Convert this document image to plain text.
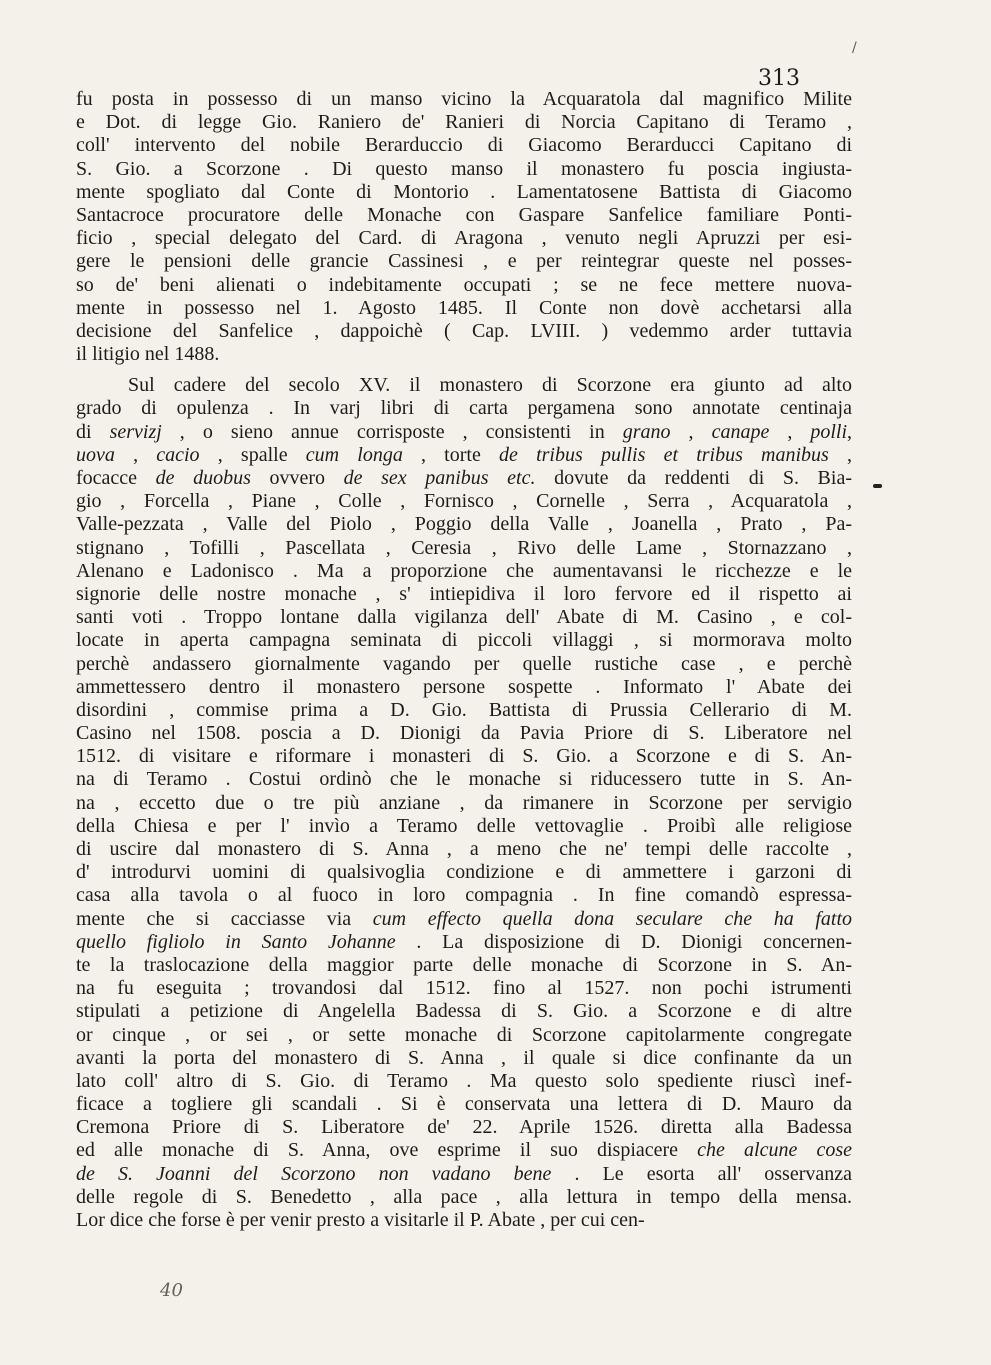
/
313
fu posta in possesso di un manso vicino la Acquaratola dal magnifico Milite
e Dot. di legge Gio. Raniero de' Ranieri di Norcia Capitano di Teramo ,
coll' intervento del nobile Berarduccio di Giacomo Berarducci Capitano di
S. Gio. a Scorzone . Di questo manso il monastero fu poscia ingiusta-
mente spogliato dal Conte di Montorio . Lamentatosene Battista di Giacomo
Santacroce procuratore delle Monache con Gaspare Sanfelice familiare Ponti-
ficio , special delegato del Card. di Aragona , venuto negli Apruzzi per esi-
gere le pensioni delle grancie Cassinesi , e per reintegrar queste nel posses-
so de' beni alienati o indebitamente occupati ; se ne fece mettere nuova-
mente in possesso nel 1. Agosto 1485. Il Conte non dovè acchetarsi alla
decisione del Sanfelice , dappoichè ( Cap. LVIII. ) vedemmo arder tuttavia
il litigio nel 1488.
Sul cadere del secolo XV. il monastero di Scorzone era giunto ad alto
grado di opulenza . In varj libri di carta pergamena sono annotate centinaja
di servizj , o sieno annue corrisposte , consistenti in grano , canape , polli,
uova , cacio , spalle cum longa , torte de tribus pullis et tribus manibus ,
focacce de duobus ovvero de sex panibus etc. dovute da reddenti di S. Bia-
gio , Forcella , Piane , Colle , Fornisco , Cornelle , Serra , Acquaratola ,
Valle-pezzata , Valle del Piolo , Poggio della Valle , Joanella , Prato , Pa-
stignano , Tofilli , Pascellata , Ceresia , Rivo delle Lame , Stornazzano ,
Alenano e Ladonisco . Ma a proporzione che aumentavansi le ricchezze e le
signorie delle nostre monache , s' intiepidiva il loro fervore ed il rispetto ai
santi voti . Troppo lontane dalla vigilanza dell' Abate di M. Casino , e col-
locate in aperta campagna seminata di piccoli villaggi , si mormorava molto
perchè andassero giornalmente vagando per quelle rustiche case , e perchè
ammettessero dentro il monastero persone sospette . Informato l' Abate dei
disordini , commise prima a D. Gio. Battista di Prussia Cellerario di M.
Casino nel 1508. poscia a D. Dionigi da Pavia Priore di S. Liberatore nel
1512. di visitare e riformare i monasteri di S. Gio. a Scorzone e di S. An-
na di Teramo . Costui ordinò che le monache si riducessero tutte in S. An-
na , eccetto due o tre più anziane , da rimanere in Scorzone per servigio
della Chiesa e per l' invìo a Teramo delle vettovaglie . Proibì alle religiose
di uscire dal monastero di S. Anna , a meno che ne' tempi delle raccolte ,
d' introdurvi uomini di qualsivoglia condizione e di ammettere i garzoni di
casa alla tavola o al fuoco in loro compagnia . In fine comandò espressa-
mente che si cacciasse via cum effecto quella dona seculare che ha fatto
quello figliolo in Santo Johanne . La disposizione di D. Dionigi concernen-
te la traslocazione della maggior parte delle monache di Scorzone in S. An-
na fu eseguita ; trovandosi dal 1512. fino al 1527. non pochi istrumenti
stipulati a petizione di Angelella Badessa di S. Gio. a Scorzone e di altre
or cinque , or sei , or sette monache di Scorzone capitolarmente congregate
avanti la porta del monastero di S. Anna , il quale si dice confinante da un
lato coll' altro di S. Gio. di Teramo . Ma questo solo spediente riuscì inef-
ficace a togliere gli scandali . Si è conservata una lettera di D. Mauro da
Cremona Priore di S. Liberatore de' 22. Aprile 1526. diretta alla Badessa
ed alle monache di S. Anna, ove esprime il suo dispiacere che alcune cose
de S. Joanni del Scorzono non vadano bene . Le esorta all' osservanza
delle regole di S. Benedetto , alla pace , alla lettura in tempo della mensa.
Lor dice che forse è per venir presto a visitarle il P. Abate , per cui cen-
40
